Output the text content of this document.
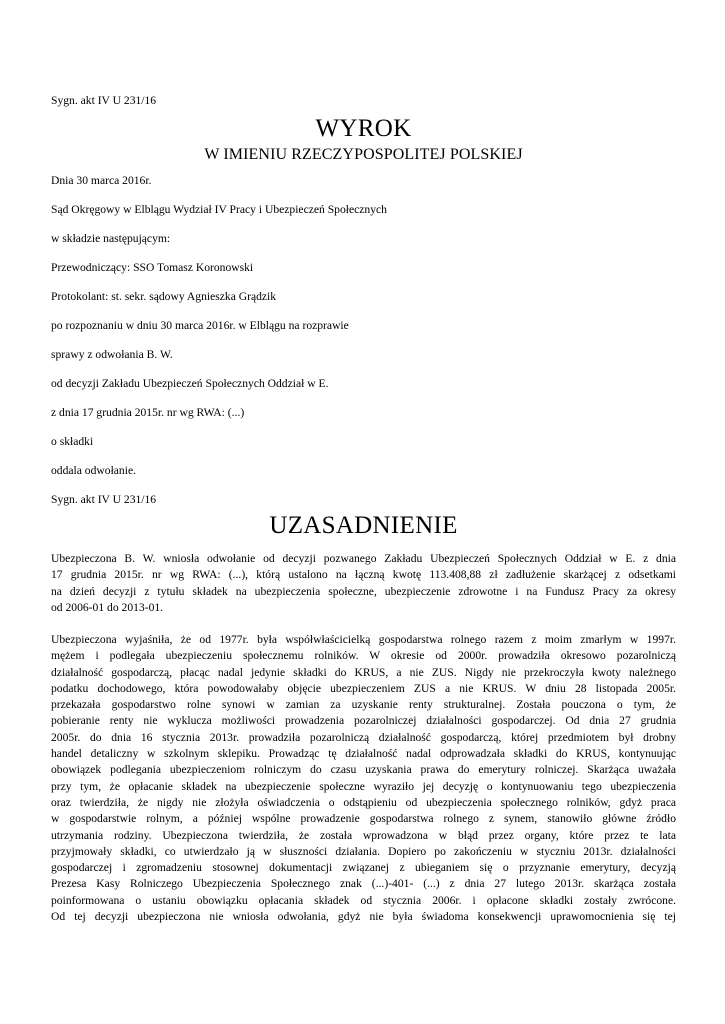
Sygn. akt IV U 231/16
WYROK
W IMIENIU RZECZYPOSPOLITEJ POLSKIEJ
Dnia 30 marca 2016r.
Sąd Okręgowy w Elblągu Wydział IV Pracy i Ubezpieczeń Społecznych
w składzie następującym:
Przewodniczący: SSO Tomasz Koronowski
Protokolant: st. sekr. sądowy Agnieszka Grądzik
po rozpoznaniu w dniu 30 marca 2016r. w Elblągu na rozprawie
sprawy z odwołania B. W.
od decyzji Zakładu Ubezpieczeń Społecznych Oddział w E.
z dnia 17 grudnia 2015r. nr wg RWA: (...)
o składki
oddala odwołanie.
Sygn. akt IV U 231/16
UZASADNIENIE
Ubezpieczona B. W. wniosła odwołanie od decyzji pozwanego Zakładu Ubezpieczeń Społecznych Oddział w E. z dnia
17 grudnia 2015r. nr wg RWA: (...), którą ustalono na łączną kwotę 113.408,88 zł zadłużenie skarżącej z odsetkami
na dzień decyzji z tytułu składek na ubezpieczenia społeczne, ubezpieczenie zdrowotne i na Fundusz Pracy za okresy
od 2006-01 do 2013-01.
Ubezpieczona wyjaśniła, że od 1977r. była współwłaścicielką gospodarstwa rolnego razem z moim zmarłym w 1997r.
mężem i podlegała ubezpieczeniu społecznemu rolników. W okresie od 2000r. prowadziła okresowo pozarolniczą
działalność gospodarczą, płacąc nadal jedynie składki do KRUS, a nie ZUS. Nigdy nie przekroczyła kwoty należnego
podatku dochodowego, która powodowałaby objęcie ubezpieczeniem ZUS a nie KRUS. W dniu 28 listopada 2005r.
przekazała gospodarstwo rolne synowi w zamian za uzyskanie renty strukturalnej. Została pouczona o tym, że
pobieranie renty nie wyklucza możliwości prowadzenia pozarolniczej działalności gospodarczej. Od dnia 27 grudnia
2005r. do dnia 16 stycznia 2013r. prowadziła pozarolniczą działalność gospodarczą, której przedmiotem był drobny
handel detaliczny w szkolnym sklepiku. Prowadząc tę działalność nadal odprowadzała składki do KRUS, kontynuując
obowiązek podlegania ubezpieczeniom rolniczym do czasu uzyskania prawa do emerytury rolniczej. Skarżąca uważała
przy tym, że opłacanie składek na ubezpieczenie społeczne wyraziło jej decyzję o kontynuowaniu tego ubezpieczenia
oraz twierdziła, że nigdy nie złożyła oświadczenia o odstąpieniu od ubezpieczenia społecznego rolników, gdyż praca
w gospodarstwie rolnym, a później wspólne prowadzenie gospodarstwa rolnego z synem, stanowiło główne źródło
utrzymania rodziny. Ubezpieczona twierdziła, że została wprowadzona w błąd przez organy, które przez te lata
przyjmowały składki, co utwierdzało ją w słuszności działania. Dopiero po zakończeniu w styczniu 2013r. działalności
gospodarczej i zgromadzeniu stosownej dokumentacji związanej z ubieganiem się o przyznanie emerytury, decyzją
Prezesa Kasy Rolniczego Ubezpieczenia Społecznego znak (...)-401- (...) z dnia 27 lutego 2013r. skarżąca została
poinformowana o ustaniu obowiązku opłacania składek od stycznia 2006r. i opłacone składki zostały zwrócone.
Od tej decyzji ubezpieczona nie wniosła odwołania, gdyż nie była świadoma konsekwencji uprawomocnienia się tej
